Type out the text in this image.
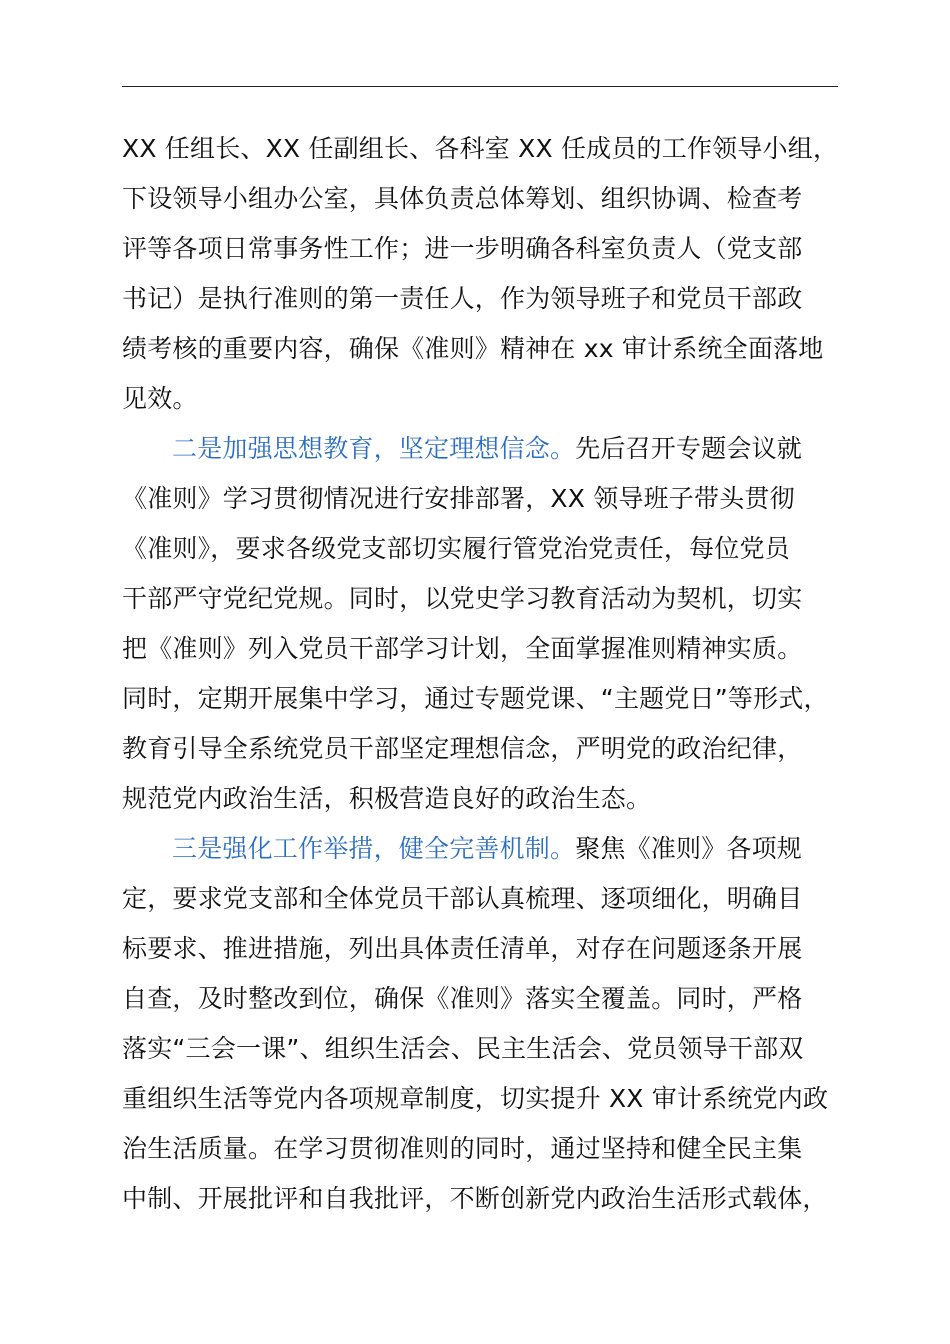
XX 任组长、XX 任副组长、各科室 XX 任成员的工作领导小组，
下设领导小组办公室，具体负责总体筹划、组织协调、检查考
评等各项日常事务性工作；进一步明确各科室负责人（党支部
书记）是执行准则的第一责任人，作为领导班子和党员干部政
绩考核的重要内容，确保《准则》精神在 xx 审计系统全面落地
见效。
二是加强思想教育，坚定理想信念。先后召开专题会议就
《准则》学习贯彻情况进行安排部署，XX 领导班子带头贯彻
《准则》，要求各级党支部切实履行管党治党责任，每位党员
干部严守党纪党规。同时，以党史学习教育活动为契机，切实
把《准则》列入党员干部学习计划，全面掌握准则精神实质。
同时，定期开展集中学习，通过专题党课、“主题党日”等形式，
教育引导全系统党员干部坚定理想信念，严明党的政治纪律，
规范党内政治生活，积极营造良好的政治生态。
三是强化工作举措，健全完善机制。聚焦《准则》各项规
定，要求党支部和全体党员干部认真梳理、逐项细化，明确目
标要求、推进措施，列出具体责任清单，对存在问题逐条开展
自查，及时整改到位，确保《准则》落实全覆盖。同时，严格
落实“三会一课”、组织生活会、民主生活会、党员领导干部双
重组织生活等党内各项规章制度，切实提升 XX 审计系统党内政
治生活质量。在学习贯彻准则的同时，通过坚持和健全民主集
中制、开展批评和自我批评，不断创新党内政治生活形式载体，
